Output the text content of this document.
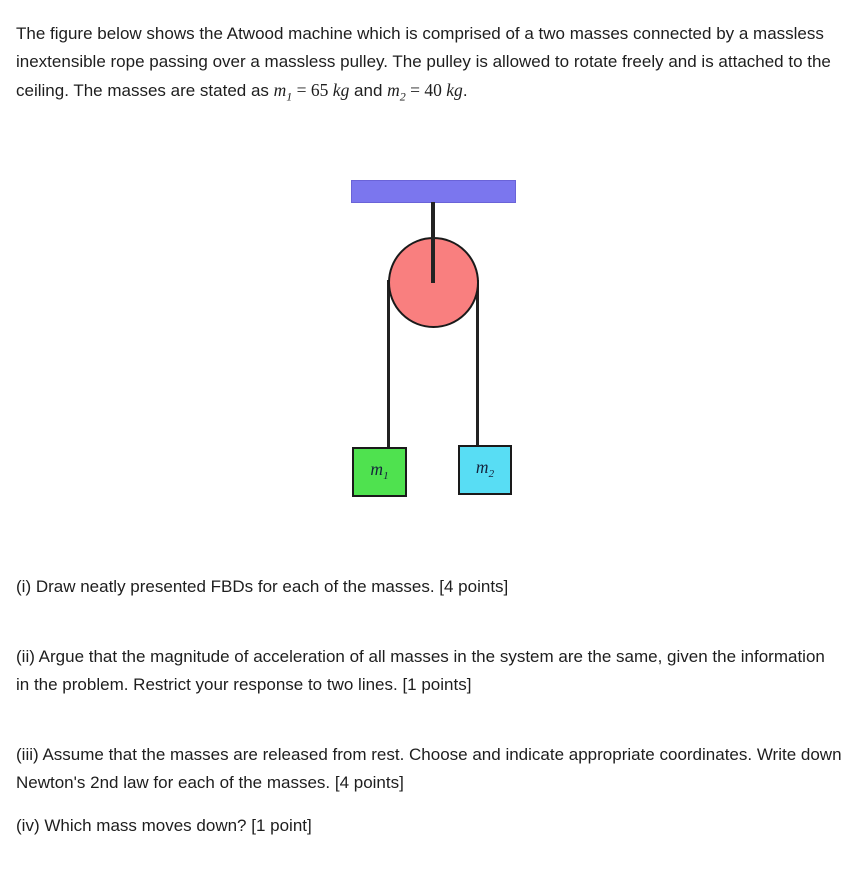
The figure below shows the Atwood machine which is comprised of a two masses connected by a massless inextensible rope passing over a massless pulley. The pulley is allowed to rotate freely and is attached to the ceiling. The masses are stated as $m_1 = 65$ kg and $m_2 = 40$ kg.

$m_1$	$m_2$

(i) Draw neatly presented FBDs for each of the masses. [4 points]

(ii) Argue that the magnitude of acceleration of all masses in the system are the same, given the information in the problem. Restrict your response to two lines. [1 points]

(iii) Assume that the masses are released from rest. Choose and indicate appropriate coordinates. Write down Newton's 2nd law for each of the masses. [4 points]

(iv) Which mass moves down? [1 point]
